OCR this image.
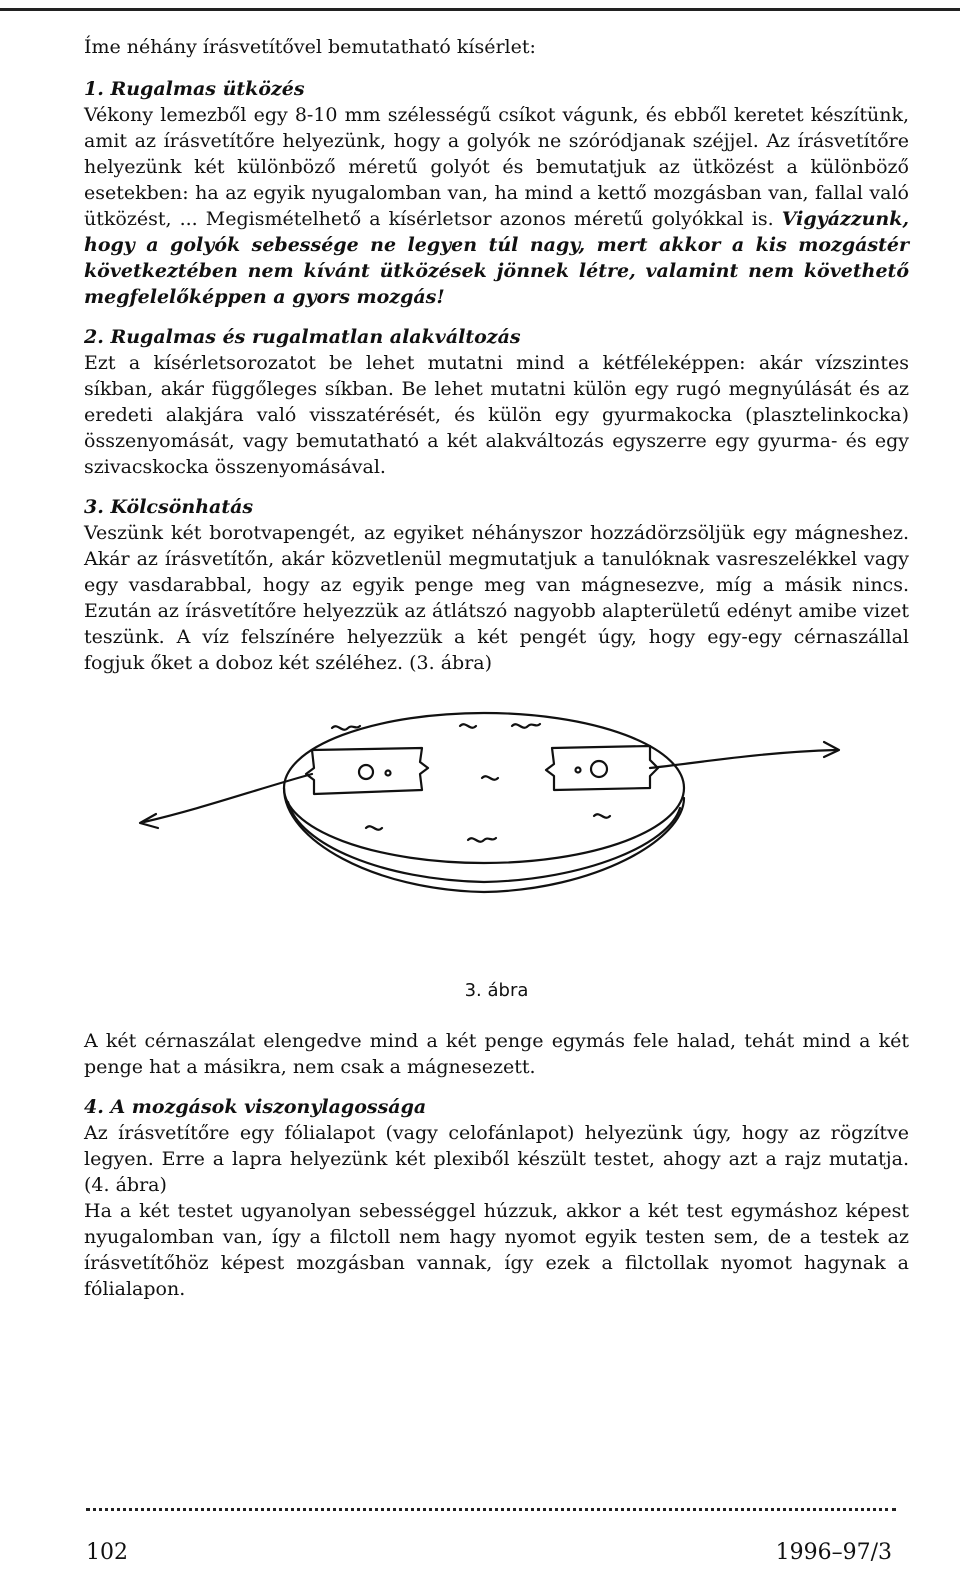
Íme néhány írásvetítővel bemutatható kísérlet:

1. Rugalmas ütközés

Vékony lemezből egy 8-10 mm szélességű csíkot vágunk, és ebből keretet készítünk, amit az írásvetítőre helyezünk, hogy a golyók ne szóródjanak széjjel. Az írásvetítőre helyezünk két különböző méretű golyót és bemutatjuk az ütközést a különböző esetekben: ha az egyik nyugalomban van, ha mind a kettő mozgásban van, fallal való ütközést, ... Megismételhető a kísérletsor azonos méretű golyókkal is. Vigyázzunk, hogy a golyók sebessége ne legyen túl nagy, mert akkor a kis mozgástér következtében nem kívánt ütközések jönnek létre, valamint nem követhető megfelelőképpen a gyors mozgás!

2. Rugalmas és rugalmatlan alakváltozás

Ezt a kísérletsorozatot be lehet mutatni mind a kétféleképpen: akár vízszintes síkban, akár függőleges síkban. Be lehet mutatni külön egy rugó megnyúlását és az eredeti alakjára való visszatérését, és külön egy gyurmakocka (plasztelinkocka) összenyomását, vagy bemutatható a két alakváltozás egyszerre egy gyurma- és egy szivacskocka összenyomásával.

3. Kölcsönhatás

Veszünk két borotvapengét, az egyiket néhányszor hozzádörzsöljük egy mágneshez. Akár az írásvetítőn, akár közvetlenül megmutatjuk a tanulóknak vasreszelékkel vagy egy vasdarabbal, hogy az egyik penge meg van mágnesezve, míg a másik nincs. Ezután az írásvetítőre helyezzük az átlátszó nagyobb alapterületű edényt amibe vizet teszünk. A víz felszínére helyezzük a két pengét úgy, hogy egy-egy cérnaszállal fogjuk őket a doboz két széléhez. (3. ábra)

3. ábra

A két cérnaszálat elengedve mind a két penge egymás fele halad, tehát mind a két penge hat a másikra, nem csak a mágnesezett.

4. A mozgások viszonylagossága

Az írásvetítőre egy fólialapot (vagy celofánlapot) helyezünk úgy, hogy az rögzítve legyen. Erre a lapra helyezünk két plexiből készült testet, ahogy azt a rajz mutatja. (4. ábra)

Ha a két testet ugyanolyan sebességgel húzzuk, akkor a két test egymáshoz képest nyugalomban van, így a filctoll nem hagy nyomot egyik testen sem, de a testek az írásvetítőhöz képest mozgásban vannak, így ezek a filctollak nyomot hagynak a fólialapon.

102	1996–97/3
